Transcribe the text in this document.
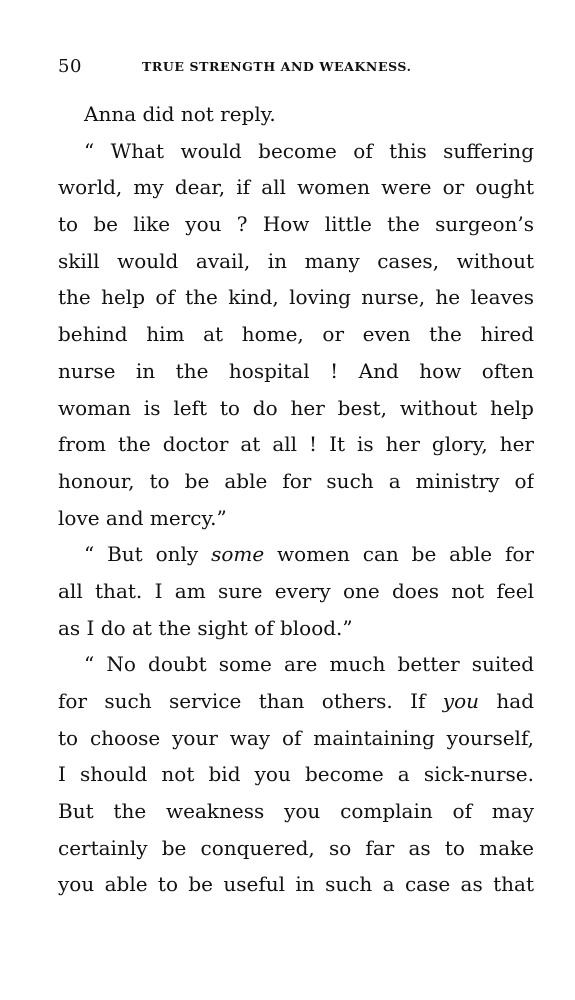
50	TRUE STRENGTH AND WEAKNESS.
Anna did not reply.
“ What would become of this suffering
world, my dear, if all women were or ought
to be like you ? How little the surgeon’s
skill would avail, in many cases, without
the help of the kind, loving nurse, he leaves
behind him at home, or even the hired
nurse in the hospital ! And how often
woman is left to do her best, without help
from the doctor at all ! It is her glory, her
honour, to be able for such a ministry of
love and mercy.”
“ But only some women can be able for
all that. I am sure every one does not feel
as I do at the sight of blood.”
“ No doubt some are much better suited
for such service than others. If you had
to choose your way of maintaining yourself,
I should not bid you become a sick-nurse.
But the weakness you complain of may
certainly be conquered, so far as to make
you able to be useful in such a case as that
